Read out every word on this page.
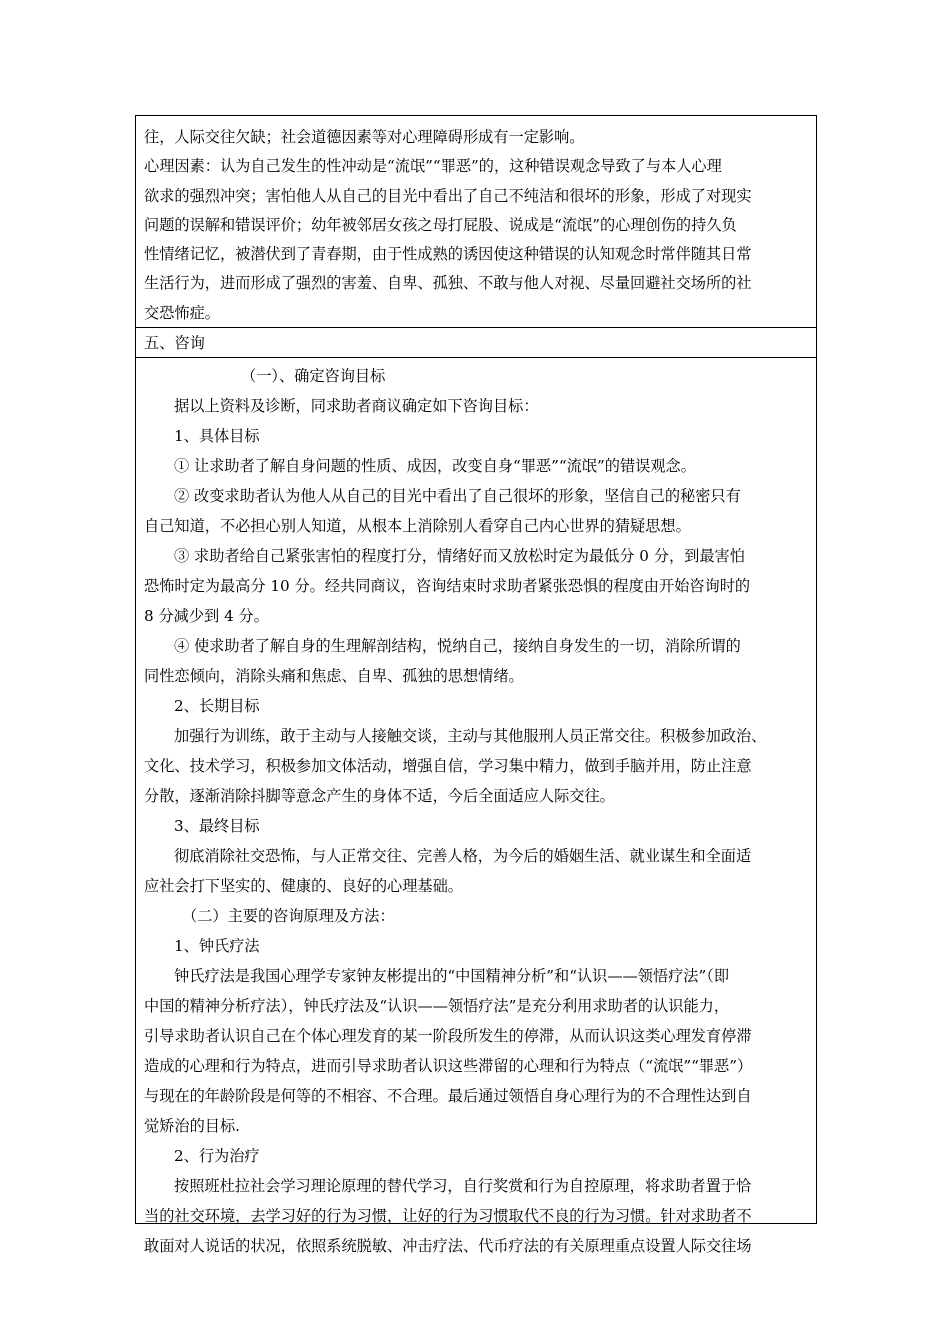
往，人际交往欠缺；社会道德因素等对心理障碍形成有一定影响。
心理因素：认为自己发生的性冲动是“流氓”“罪恶”的，这种错误观念导致了与本人心理
欲求的强烈冲突；害怕他人从自己的目光中看出了自己不纯洁和很坏的形象，形成了对现实
问题的误解和错误评价；幼年被邻居女孩之母打屁股、说成是“流氓”的心理创伤的持久负
性情绪记忆，被潜伏到了青春期，由于性成熟的诱因使这种错误的认知观念时常伴随其日常
生活行为，进而形成了强烈的害羞、自卑、孤独、不敢与他人对视、尽量回避社交场所的社
交恐怖症。
五、咨询
（一）、确定咨询目标
据以上资料及诊断，同求助者商议确定如下咨询目标：
1、具体目标
① 让求助者了解自身问题的性质、成因，改变自身“罪恶”“流氓”的错误观念。
② 改变求助者认为他人从自己的目光中看出了自己很坏的形象，坚信自己的秘密只有
自己知道，不必担心别人知道，从根本上消除别人看穿自己内心世界的猜疑思想。
③ 求助者给自己紧张害怕的程度打分，情绪好而又放松时定为最低分 0 分，到最害怕
恐怖时定为最高分 10 分。经共同商议，咨询结束时求助者紧张恐惧的程度由开始咨询时的
8 分减少到 4 分。
④ 使求助者了解自身的生理解剖结构，悦纳自己，接纳自身发生的一切，消除所谓的
同性恋倾向，消除头痛和焦虑、自卑、孤独的思想情绪。
2、长期目标
加强行为训练，敢于主动与人接触交谈，主动与其他服刑人员正常交往。积极参加政治、
文化、技术学习，积极参加文体活动，增强自信，学习集中精力，做到手脑并用，防止注意
分散，逐渐消除抖脚等意念产生的身体不适，今后全面适应人际交往。
3、最终目标
彻底消除社交恐怖，与人正常交往、完善人格，为今后的婚姻生活、就业谋生和全面适
应社会打下坚实的、健康的、良好的心理基础。
（二）主要的咨询原理及方法：
1、钟氏疗法
钟氏疗法是我国心理学专家钟友彬提出的“中国精神分析”和“认识——领悟疗法”（即
中国的精神分析疗法），钟氏疗法及“认识——领悟疗法”是充分利用求助者的认识能力，
引导求助者认识自己在个体心理发育的某一阶段所发生的停滞，从而认识这类心理发育停滞
造成的心理和行为特点，进而引导求助者认识这些滞留的心理和行为特点（“流氓”“罪恶”）
与现在的年龄阶段是何等的不相容、不合理。最后通过领悟自身心理行为的不合理性达到自
觉矫治的目标.
2、行为治疗
按照班杜拉社会学习理论原理的替代学习，自行奖赏和行为自控原理，将求助者置于恰
当的社交环境，去学习好的行为习惯，让好的行为习惯取代不良的行为习惯。针对求助者不
敢面对人说话的状况，依照系统脱敏、冲击疗法、代币疗法的有关原理重点设置人际交往场
